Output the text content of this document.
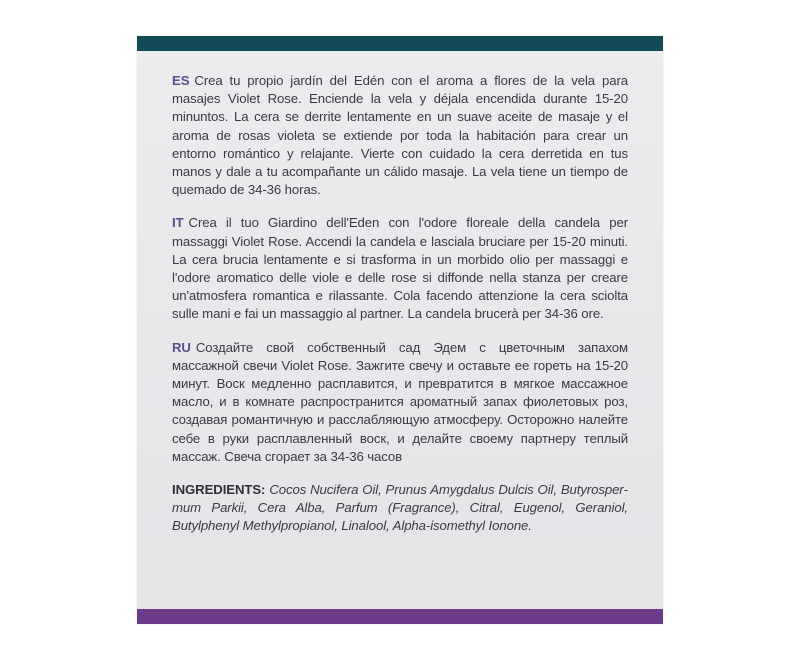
ES Crea tu propio jardín del Edén con el aroma a flores de la vela para masajes Violet Rose. Enciende la vela y déjala encendida durante 15-20 minuntos. La cera se derrite lentamente en un suave aceite de masaje y el aroma de rosas violeta se extiende por toda la habitación para crear un entorno romántico y relajante. Vierte con cuidado la cera derretida en tus manos y dale a tu acompañante un cálido masaje. La vela tiene un tiempo de quemado de 34-36 horas.

IT Crea il tuo Giardino dell'Eden con l'odore floreale della candela per massaggi Violet Rose. Accendi la candela e lasciala bruciare per 15-20 minuti. La cera brucia lentamente e si trasforma in un morbido olio per massaggi e l'odore aromatico delle viole e delle rose si diffonde nella stanza per creare un'atmosfera romantica e rilassante. Cola facendo attenzione la cera sciolta sulle mani e fai un massaggio al partner. La candela brucerà per 34-36 ore.

RU Создайте свой собственный сад Эдем с цветочным запахом массажной свечи Violet Rose. Зажгите свечу и оставьте ее гореть на 15-20 минут. Воск медленно расплавится, и превратится в мягкое массажное масло, и в комнате распространится ароматный запах фиолетовых роз, создавая романтичную и расслабляющую атмосферу. Осторожно налейте себе в руки расплавленный воск, и делайте своему партнеру теплый массаж. Свеча сгорает за 34-36 часов

INGREDIENTS: Cocos Nucifera Oil, Prunus Amygdalus Dulcis Oil, Butyrospermum Parkii, Cera Alba, Parfum (Fragrance), Citral, Eugenol, Geraniol, Butylphenyl Methylpropianol, Linalool, Alpha-isomethyl Ionone.
